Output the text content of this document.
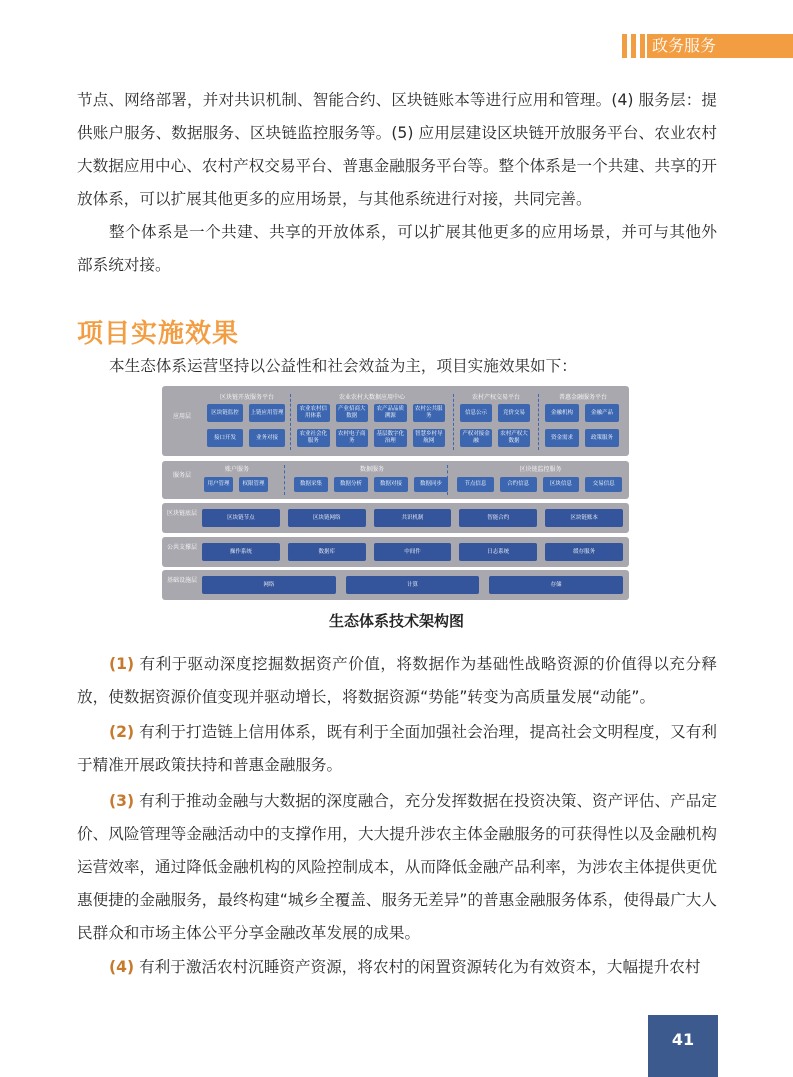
政务服务
节点、网络部署，并对共识机制、智能合约、区块链账本等进行应用和管理。(4) 服务层：提供账户服务、数据服务、区块链监控服务等。(5) 应用层建设区块链开放服务平台、农业农村大数据应用中心、农村产权交易平台、普惠金融服务平台等。整个体系是一个共建、共享的开放体系，可以扩展其他更多的应用场景，与其他系统进行对接，共同完善。
整个体系是一个共建、共享的开放体系，可以扩展其他更多的应用场景，并可与其他外部系统对接。
项目实施效果
本生态体系运营坚持以公益性和社会效益为主，项目实施效果如下：
应用层
区块链开放服务平台
区块链监控	上链应用管理
接口开发	业务对接
农业农村大数据应用中心
农业农村信用体系
产业招商大数据
农产品品质溯源
农村公共服务
农业社会化服务
农村电子商务
基层数字化治理
智慧乡村导航网
农村产权交易平台
信息公示	竞价交易
产权对接金融
农村产权大数据
普惠金融服务平台
金融机构	金融产品
资金需求	政策服务
服务层
账户服务
用户管理	权限管理
数据服务
数据采集	数据分析	数据对接	数据同步
区块链监控服务
节点信息	合约信息	区块信息	交易信息
区块链底层
区块链节点	区块链网络	共识机制	智能合约	区块链账本
公共支撑层
操作系统	数据库	中间件	日志系统	缓存服务
基础设施层
网络	计算	存储
生态体系技术架构图
(1) 有利于驱动深度挖掘数据资产价值，将数据作为基础性战略资源的价值得以充分释放，使数据资源价值变现并驱动增长，将数据资源“势能”转变为高质量发展“动能”。
(2) 有利于打造链上信用体系，既有利于全面加强社会治理，提高社会文明程度，又有利于精准开展政策扶持和普惠金融服务。
(3) 有利于推动金融与大数据的深度融合，充分发挥数据在投资决策、资产评估、产品定价、风险管理等金融活动中的支撑作用，大大提升涉农主体金融服务的可获得性以及金融机构运营效率，通过降低金融机构的风险控制成本，从而降低金融产品利率，为涉农主体提供更优惠便捷的金融服务，最终构建“城乡全覆盖、服务无差异”的普惠金融服务体系，使得最广大人民群众和市场主体公平分享金融改革发展的成果。
(4) 有利于激活农村沉睡资产资源，将农村的闲置资源转化为有效资本，大幅提升农村
41
